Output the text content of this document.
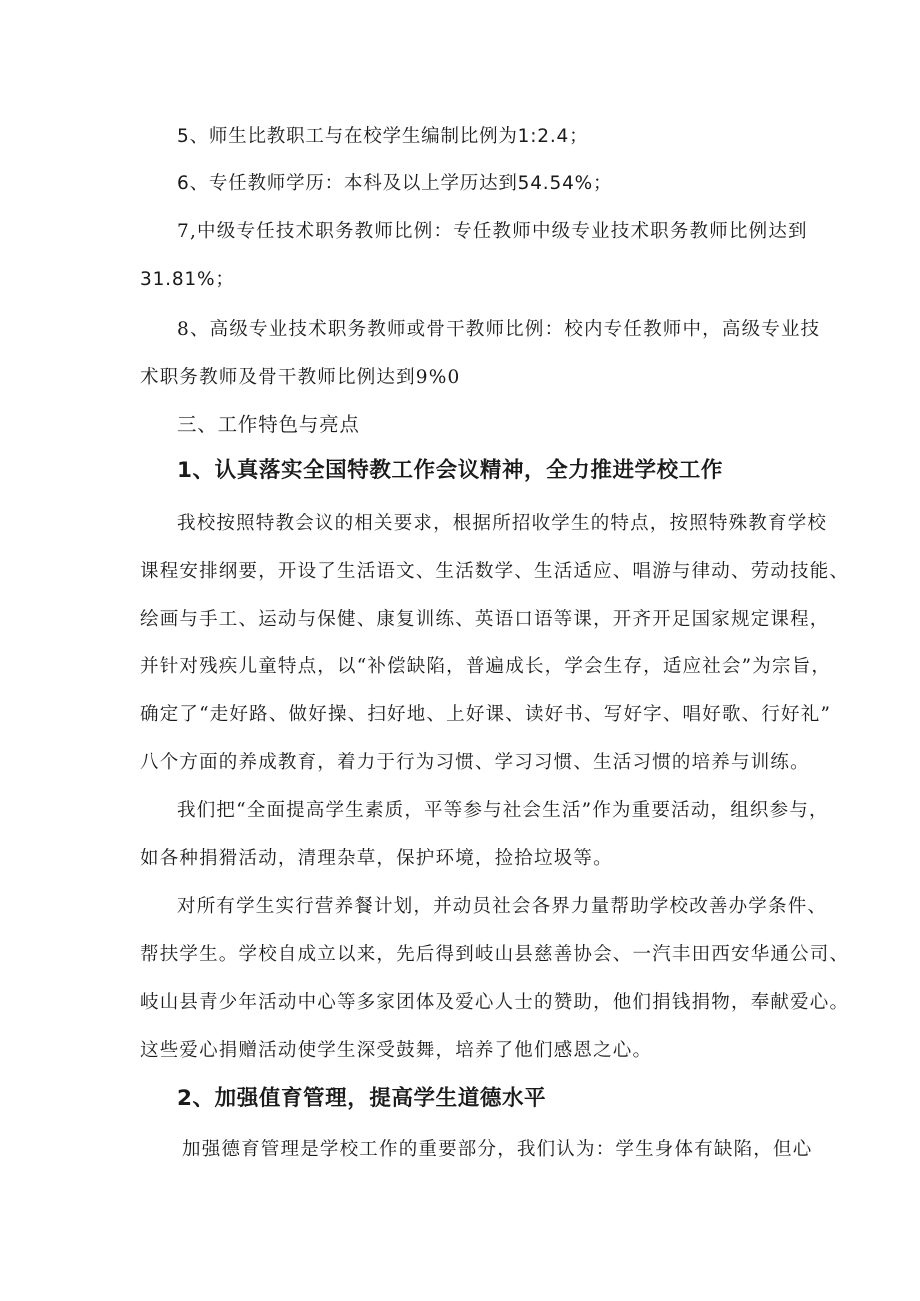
5、师生比教职工与在校学生编制比例为1:2.4；
6、专任教师学历：本科及以上学历达到54.54%；
7,中级专任技术职务教师比例：专任教师中级专业技术职务教师比例达到
31.81%；
8、高级专业技术职务教师或骨干教师比例：校内专任教师中，高级专业技
术职务教师及骨干教师比例达到9%0
三、工作特色与亮点
1、认真落实全国特教工作会议精神，全力推进学校工作
我校按照特教会议的相关要求，根据所招收学生的特点，按照特殊教育学校
课程安排纲要，开设了生活语文、生活数学、生活适应、唱游与律动、劳动技能、
绘画与手工、运动与保健、康复训练、英语口语等课，开齐开足国家规定课程，
并针对残疾儿童特点，以“补偿缺陷，普遍成长，学会生存，适应社会”为宗旨，
确定了“走好路、做好操、扫好地、上好课、读好书、写好字、唱好歌、行好礼”
八个方面的养成教育，着力于行为习惯、学习习惯、生活习惯的培养与训练。
我们把“全面提高学生素质，平等参与社会生活”作为重要活动，组织参与，
如各种捐猾活动，清理杂草，保护环境，捡拾垃圾等。
对所有学生实行营养餐计划，并动员社会各界力量帮助学校改善办学条件、
帮扶学生。学校自成立以来，先后得到岐山县慈善协会、一汽丰田西安华通公司、
岐山县青少年活动中心等多家团体及爱心人士的赞助，他们捐钱捐物，奉献爱心。
这些爱心捐赠活动使学生深受鼓舞，培养了他们感恩之心。
2、加强值育管理，提高学生道德水平
加强德育管理是学校工作的重要部分，我们认为：学生身体有缺陷，但心
